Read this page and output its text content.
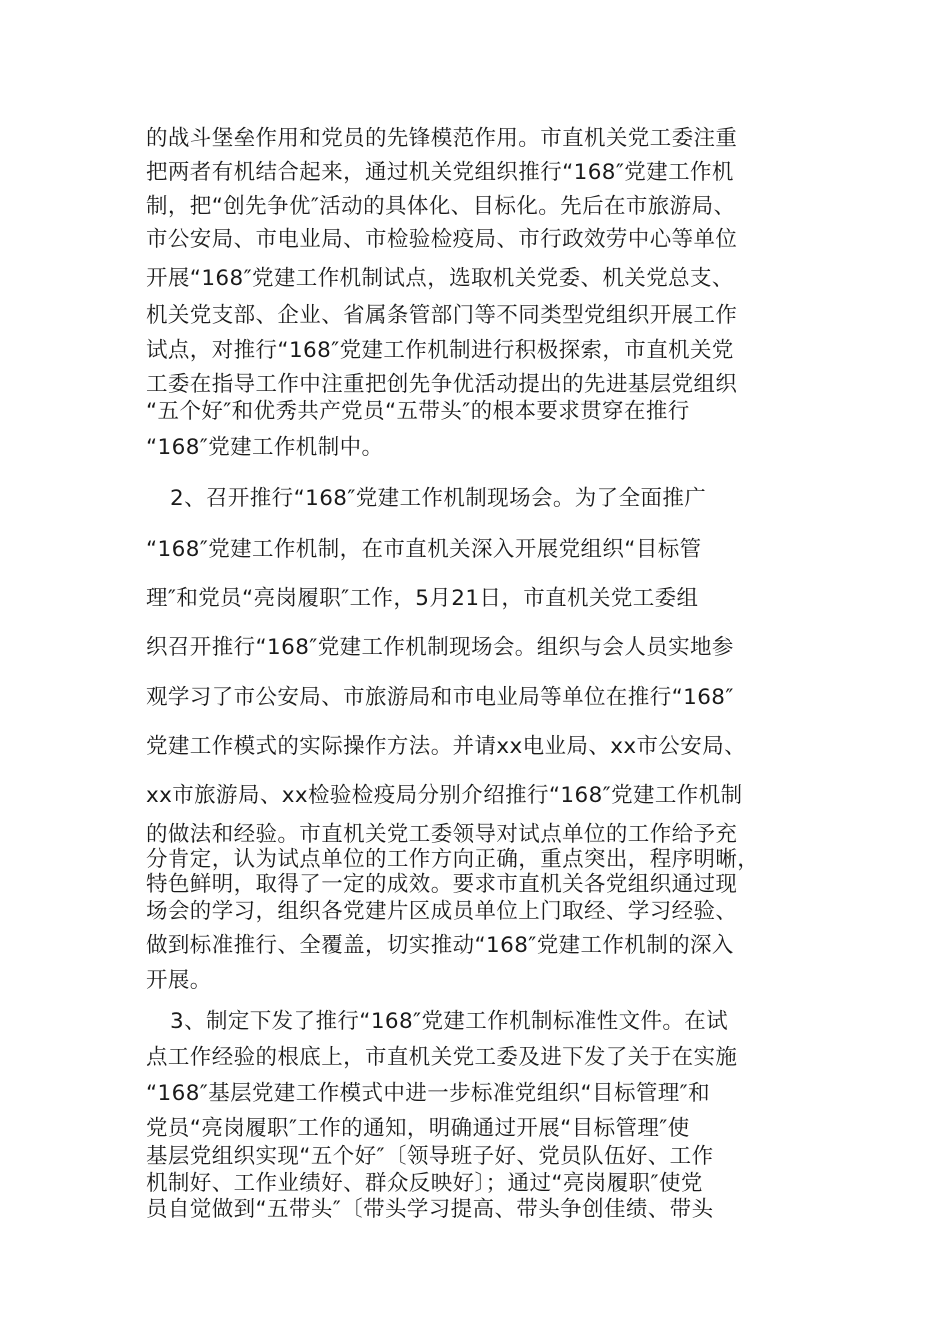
的战斗堡垒作用和党员的先锋模范作用。市直机关党工委注重
把两者有机结合起来，通过机关党组织推行“168″党建工作机
制，把“创先争优″活动的具体化、目标化。先后在市旅游局、
市公安局、市电业局、市检验检疫局、市行政效劳中心等单位
开展“168″党建工作机制试点，选取机关党委、机关党总支、
机关党支部、企业、省属条管部门等不同类型党组织开展工作
试点，对推行“168″党建工作机制进行积极探索，市直机关党
工委在指导工作中注重把创先争优活动提出的先进基层党组织
“五个好″和优秀共产党员“五带头″的根本要求贯穿在推行
“168″党建工作机制中。
2、召开推行“168″党建工作机制现场会。为了全面推广
“168″党建工作机制，在市直机关深入开展党组织“目标管
理″和党员“亮岗履职″工作，5月21日，市直机关党工委组
织召开推行“168″党建工作机制现场会。组织与会人员实地参
观学习了市公安局、市旅游局和市电业局等单位在推行“168″
党建工作模式的实际操作方法。并请xx电业局、xx市公安局、
xx市旅游局、xx检验检疫局分别介绍推行“168″党建工作机制
的做法和经验。市直机关党工委领导对试点单位的工作给予充
分肯定，认为试点单位的工作方向正确，重点突出，程序明晰，
特色鲜明，取得了一定的成效。要求市直机关各党组织通过现
场会的学习，组织各党建片区成员单位上门取经、学习经验、
做到标准推行、全覆盖，切实推动“168″党建工作机制的深入
开展。
3、制定下发了推行“168″党建工作机制标准性文件。在试
点工作经验的根底上，市直机关党工委及进下发了关于在实施
“168″基层党建工作模式中进一步标准党组织“目标管理″和
党员“亮岗履职″工作的通知，明确通过开展“目标管理″使
基层党组织实现“五个好″〔领导班子好、党员队伍好、工作
机制好、工作业绩好、群众反映好〕；通过“亮岗履职″使党
员自觉做到“五带头″〔带头学习提高、带头争创佳绩、带头
